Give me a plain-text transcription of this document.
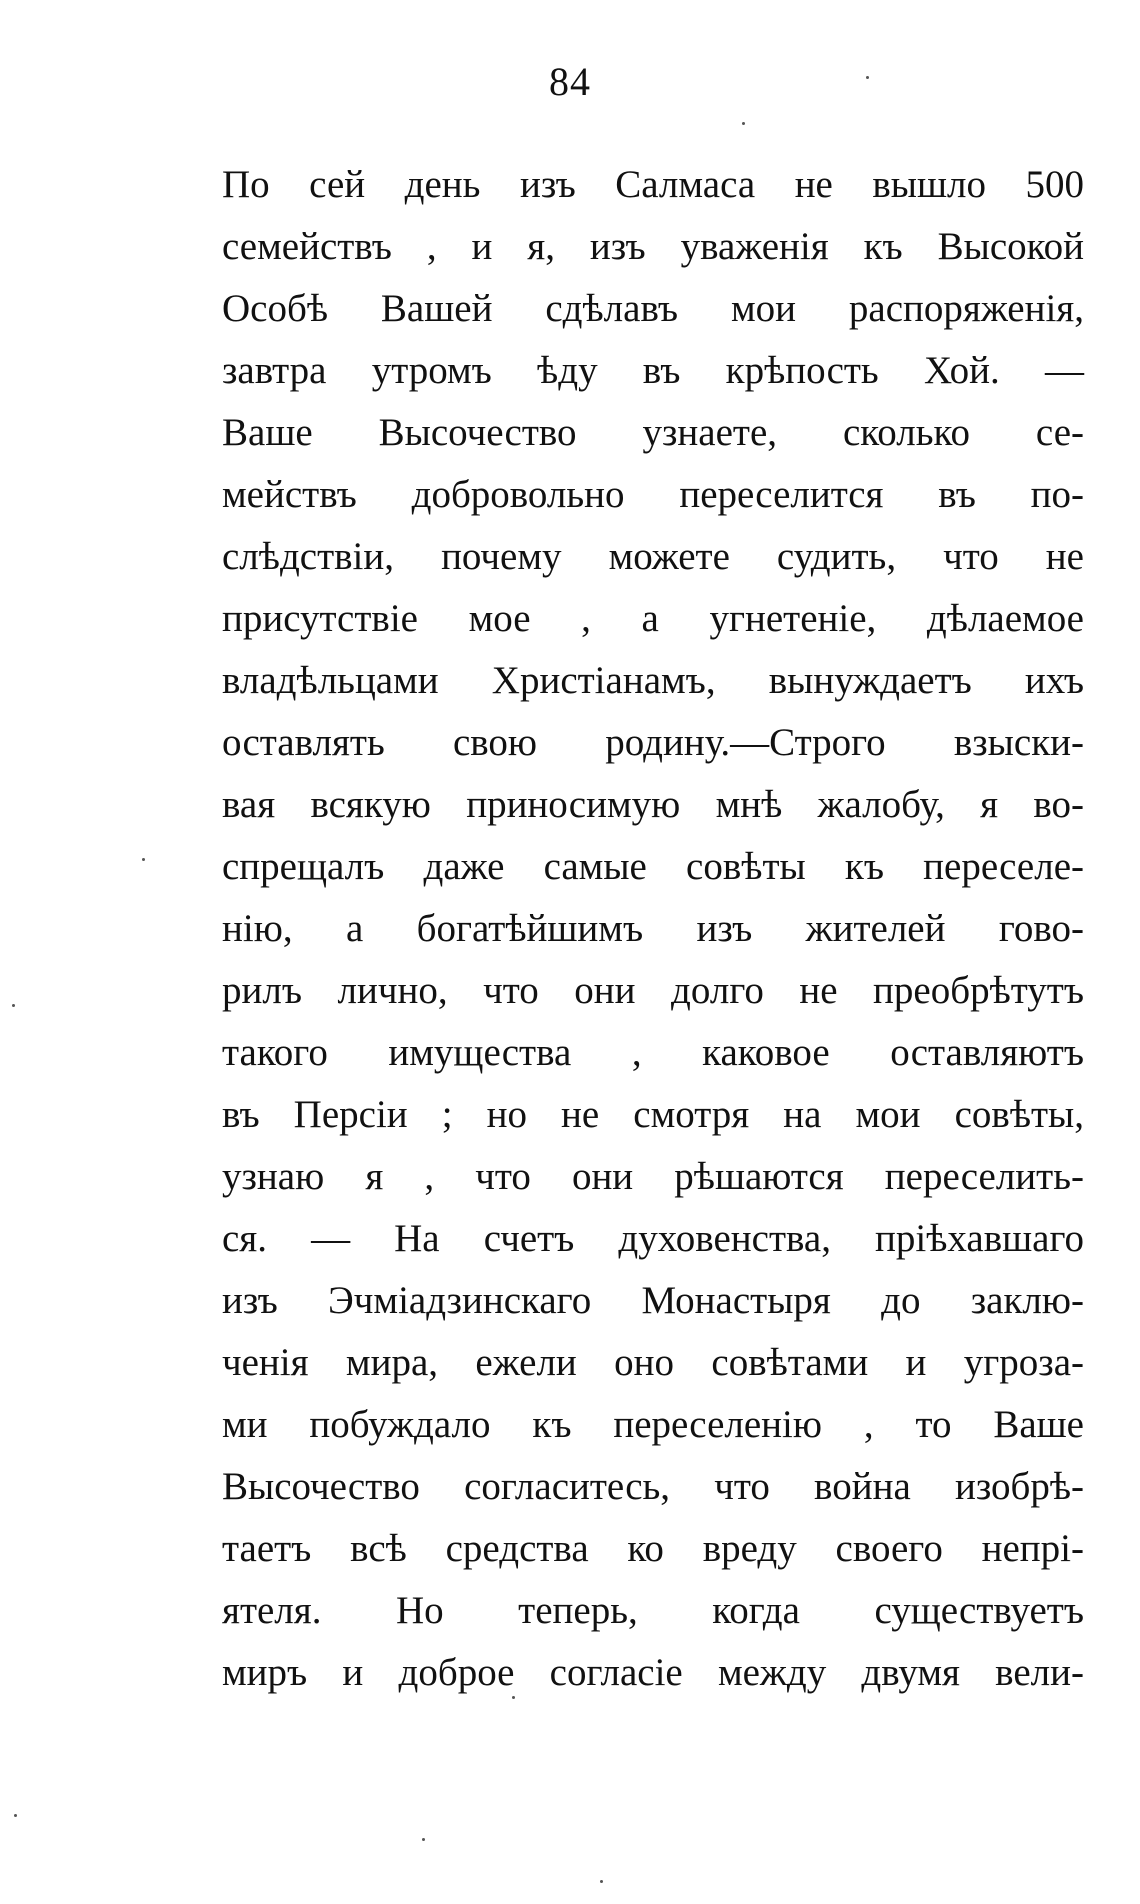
84
По сей день изъ Салмаса не вышло 500
семействъ , и я, изъ уваженія къ Высокой
Особѣ Вашей сдѣлавъ мои распоряженія,
завтра утромъ ѣду въ крѣпость Хой. —
Ваше Высочество узнаете, сколько се-
мействъ добровольно переселится въ по-
слѣдствіи, почему можете судить, что не
присутствіе мое , а угнетеніе, дѣлаемое
владѣльцами Христіанамъ, вынуждаетъ ихъ
оставлять свою родину.—Строго взыски-
вая всякую приносимую мнѣ жалобу, я во-
спрещалъ даже самые совѣты къ переселе-
нію, а богатѣйшимъ изъ жителей гово-
рилъ лично, что они долго не преобрѣтутъ
такого имущества , каковое оставляютъ
въ Персіи ; но не смотря на мои совѣты,
узнаю я , что они рѣшаются переселить-
ся. — На счетъ духовенства, пріѣхавшаго
изъ Эчміадзинскаго Монастыря до заклю-
ченія мира, ежели оно совѣтами и угроза-
ми побуждало къ переселенію , то Ваше
Высочество согласитесь, что война изобрѣ-
таетъ всѣ средства ко вреду своего непрі-
ятеля. Но теперь, когда существуетъ
миръ и доброе согласіе между двумя вели-
